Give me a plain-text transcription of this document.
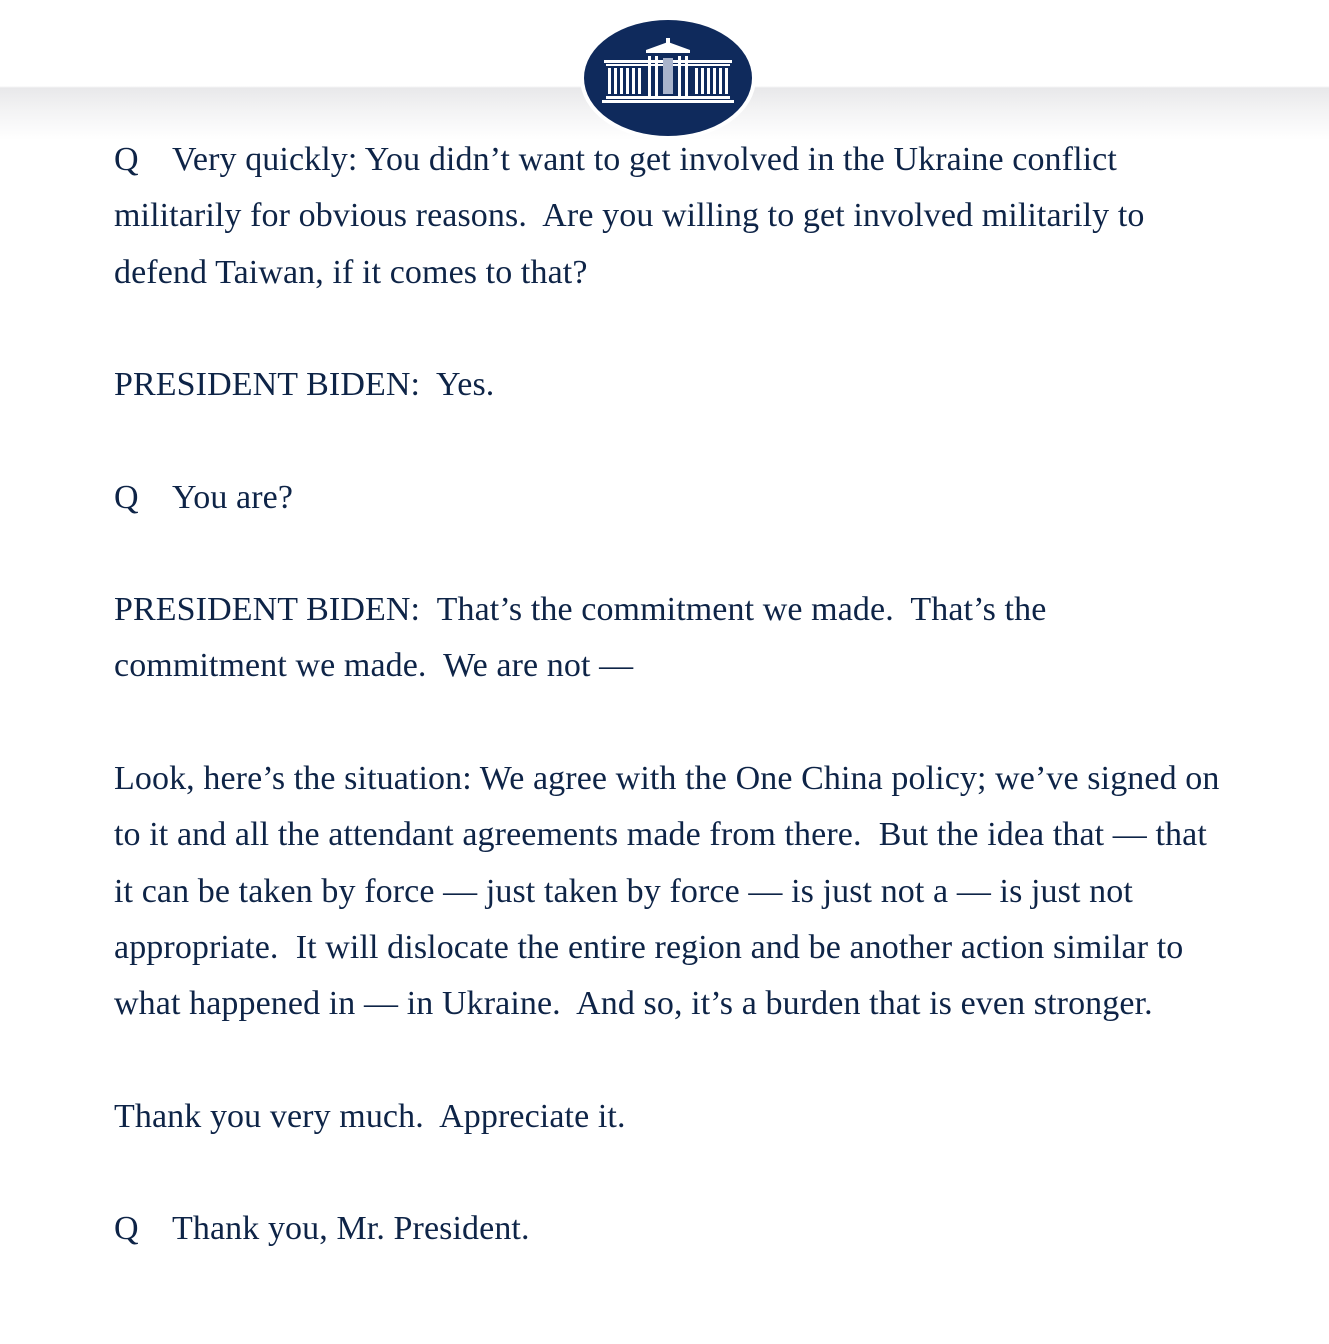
Q Very quickly: You didn’t want to get involved in the Ukraine conflict militarily for obvious reasons.  Are you willing to get involved militarily to defend Taiwan, if it comes to that?

PRESIDENT BIDEN: Yes.

Q You are?

PRESIDENT BIDEN: That’s the commitment we made.  That’s the commitment we made.  We are not —

Look, here’s the situation: We agree with the One China policy; we’ve signed on to it and all the attendant agreements made from there.  But the idea that — that it can be taken by force — just taken by force — is just not a — is just not appropriate.  It will dislocate the entire region and be another action similar to what happened in — in Ukraine.  And so, it’s a burden that is even stronger.

Thank you very much.  Appreciate it.

Q Thank you, Mr. President.
